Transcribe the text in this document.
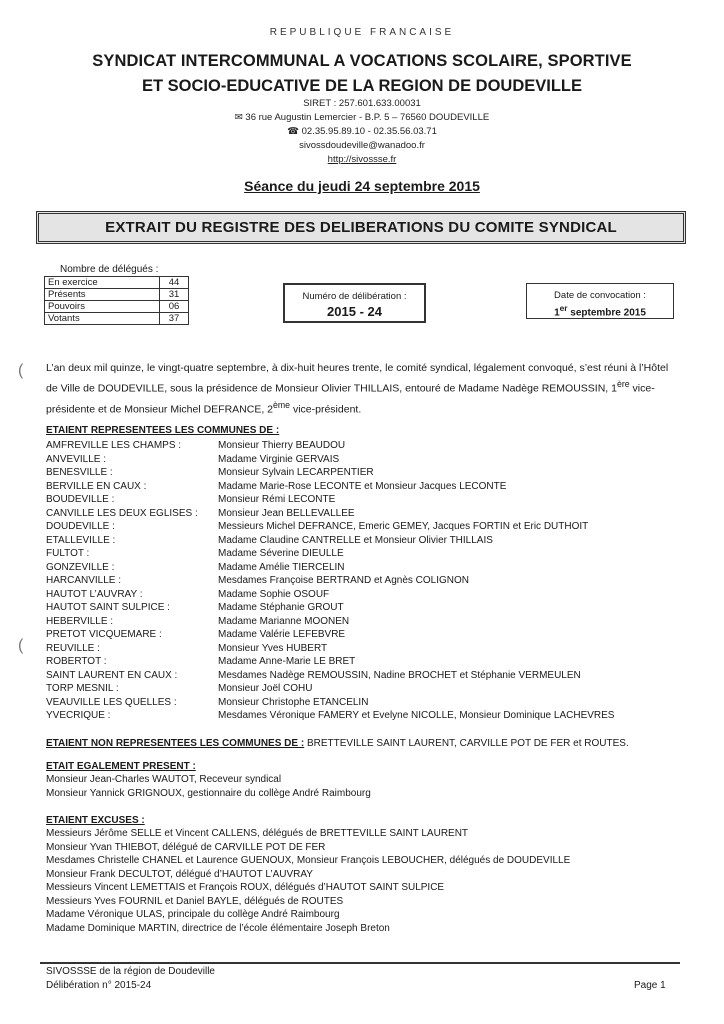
REPUBLIQUE FRANCAISE
SYNDICAT INTERCOMMUNAL A VOCATIONS SCOLAIRE, SPORTIVE
ET SOCIO-EDUCATIVE DE LA REGION DE DOUDEVILLE
SIRET : 257.601.633.00031
✉ 36 rue Augustin Lemercier - B.P. 5 – 76560 DOUDEVILLE
☎ 02.35.95.89.10 - 02.35.56.03.71
sivossdoudeville@wanadoo.fr
http://sivossse.fr
Séance du jeudi 24 septembre 2015
EXTRAIT DU REGISTRE DES DELIBERATIONS DU COMITE SYNDICAL
Nombre de délégués :
En exercice	44
Présents	31
Pouvoirs	06
Votants	37
Numéro de délibération :
2015 - 24
Date de convocation :
1er septembre 2015
(
(
L’an deux mil quinze, le vingt-quatre septembre, à dix-huit heures trente, le comité syndical, légalement convoqué, s’est réuni à l’Hôtel de Ville de DOUDEVILLE, sous la présidence de Monsieur Olivier THILLAIS, entouré de Madame Nadège REMOUSSIN, 1ère vice-présidente et de Monsieur Michel DEFRANCE, 2ème vice-président.
ETAIENT REPRESENTEES LES COMMUNES DE :
AMFREVILLE LES CHAMPS :	Monsieur Thierry BEAUDOU
ANVEVILLE :	Madame Virginie GERVAIS
BENESVILLE :	Monsieur Sylvain LECARPENTIER
BERVILLE EN CAUX :	Madame Marie-Rose LECONTE et Monsieur Jacques LECONTE
BOUDEVILLE :	Monsieur Rémi LECONTE
CANVILLE LES DEUX EGLISES : Monsieur Jean BELLEVALLEE
DOUDEVILLE :	Messieurs Michel DEFRANCE, Emeric GEMEY, Jacques FORTIN et Eric DUTHOIT
ETALLEVILLE :	Madame Claudine CANTRELLE et Monsieur Olivier THILLAIS
FULTOT :	Madame Séverine DIEULLE
GONZEVILLE :	Madame Amélie TIERCELIN
HARCANVILLE :	Mesdames Françoise BERTRAND et Agnès COLIGNON
HAUTOT L’AUVRAY :	Madame Sophie OSOUF
HAUTOT SAINT SULPICE :	Madame Stéphanie GROUT
HEBERVILLE :	Madame Marianne MOONEN
PRETOT VICQUEMARE :	Madame Valérie LEFEBVRE
REUVILLE :	Monsieur Yves HUBERT
ROBERTOT :	Madame Anne-Marie LE BRET
SAINT LAURENT EN CAUX :	Mesdames Nadège REMOUSSIN, Nadine BROCHET et Stéphanie VERMEULEN
TORP MESNIL :	Monsieur Joël COHU
VEAUVILLE LES QUELLES :	Monsieur Christophe ETANCELIN
YVECRIQUE :	Mesdames Véronique FAMERY et Evelyne NICOLLE, Monsieur Dominique LACHEVRES
ETAIENT NON REPRESENTEES LES COMMUNES DE : BRETTEVILLE SAINT LAURENT, CARVILLE POT DE FER et ROUTES.
ETAIT EGALEMENT PRESENT :
Monsieur Jean-Charles WAUTOT, Receveur syndical
Monsieur Yannick GRIGNOUX, gestionnaire du collège André Raimbourg
ETAIENT EXCUSES :
Messieurs Jérôme SELLE et Vincent CALLENS, délégués de BRETTEVILLE SAINT LAURENT
Monsieur Yvan THIEBOT, délégué de CARVILLE POT DE FER
Mesdames Christelle CHANEL et Laurence GUENOUX, Monsieur François LEBOUCHER, délégués de DOUDEVILLE
Monsieur Frank DECULTOT, délégué d’HAUTOT L’AUVRAY
Messieurs Vincent LEMETTAIS et François ROUX, délégués d’HAUTOT SAINT SULPICE
Messieurs Yves FOURNIL et Daniel BAYLE, délégués de ROUTES
Madame Véronique ULAS, principale du collège André Raimbourg
Madame Dominique MARTIN, directrice de l’école élémentaire Joseph Breton
SIVOSSSE de la région de Doudeville
Délibération n° 2015-24	Page 1
